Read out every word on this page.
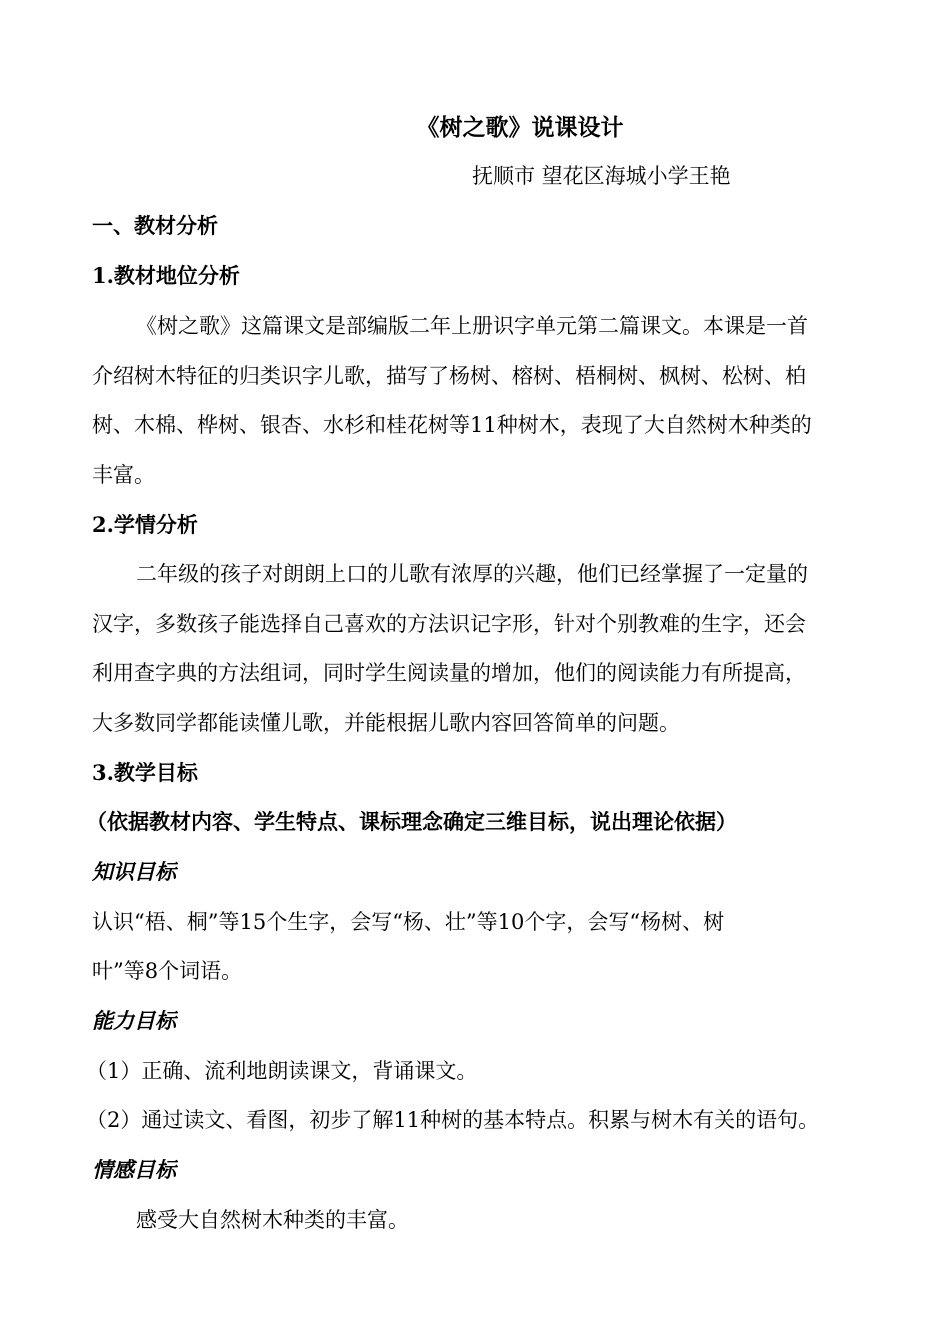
《树之歌》说课设计
抚顺市 望花区海城小学王艳
一、教材分析
1.教材地位分析
《树之歌》这篇课文是部编版二年上册识字单元第二篇课文。本课是一首
介绍树木特征的归类识字儿歌，描写了杨树、榕树、梧桐树、枫树、松树、柏
树、木棉、桦树、银杏、水杉和桂花树等11种树木，表现了大自然树木种类的
丰富。
2.学情分析
二年级的孩子对朗朗上口的儿歌有浓厚的兴趣，他们已经掌握了一定量的
汉字，多数孩子能选择自己喜欢的方法识记字形，针对个别教难的生字，还会
利用查字典的方法组词，同时学生阅读量的增加，他们的阅读能力有所提高，
大多数同学都能读懂儿歌，并能根据儿歌内容回答简单的问题。
3.教学目标
（依据教材内容、学生特点、课标理念确定三维目标，说出理论依据）
知识目标
认识“梧、桐”等15个生字，会写“杨、壮”等10个字，会写“杨树、树
叶”等8个词语。
能力目标
（1）正确、流利地朗读课文，背诵课文。
（2）通过读文、看图，初步了解11种树的基本特点。积累与树木有关的语句。
情感目标
感受大自然树木种类的丰富。
